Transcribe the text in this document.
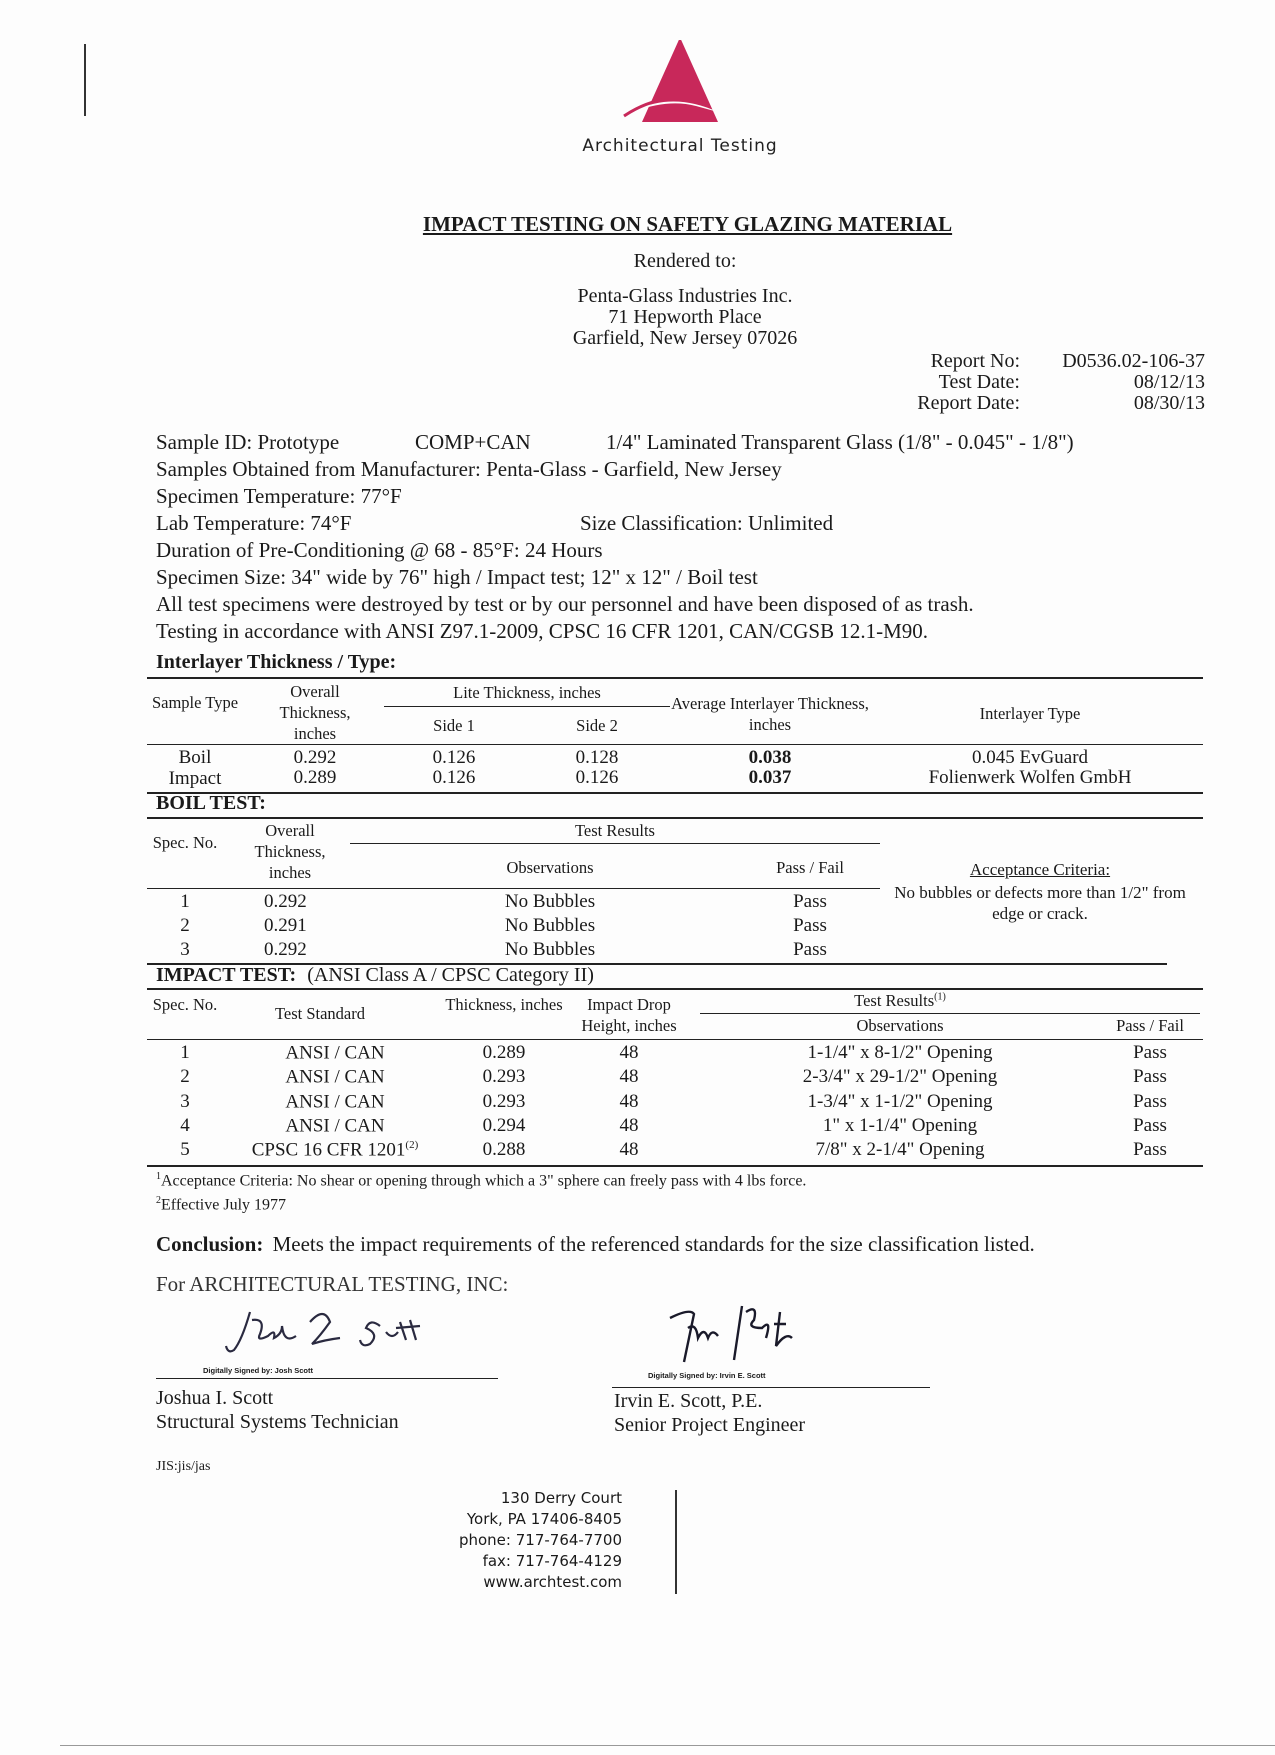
Architectural Testing
IMPACT TESTING ON SAFETY GLAZING MATERIAL
Rendered to:
Penta-Glass Industries Inc.
71 Hepworth Place
Garfield, New Jersey 07026
Report No:	D0536.02-106-37
Test Date:	08/12/13
Report Date:	08/30/13
Sample ID: Prototype	COMP+CAN	1/4" Laminated Transparent Glass (1/8" - 0.045" - 1/8")
Samples Obtained from Manufacturer: Penta-Glass - Garfield, New Jersey
Specimen Temperature: 77°F
Lab Temperature: 74°F	Size Classification: Unlimited
Duration of Pre-Conditioning @ 68 - 85°F: 24 Hours
Specimen Size: 34" wide by 76" high / Impact test; 12" x 12" / Boil test
All test specimens were destroyed by test or by our personnel and have been disposed of as trash.
Testing in accordance with ANSI Z97.1-2009, CPSC 16 CFR 1201, CAN/CGSB 12.1-M90.
Interlayer Thickness / Type:
Sample Type
Overall Thickness, inches
Lite Thickness, inches
Side 1	Side 2
Average Interlayer Thickness, inches
Interlayer Type
Boil	0.292	0.126	0.128	0.038	0.045 EvGuard
Impact	0.289	0.126	0.126	0.037	Folienwerk Wolfen GmbH
BOIL TEST:
Spec. No.
Overall Thickness, inches
Test Results
Observations	Pass / Fail	Acceptance Criteria:
No bubbles or defects more than 1/2" from edge or crack.
1	0.292	No Bubbles	Pass
2	0.291	No Bubbles	Pass
3	0.292	No Bubbles	Pass
IMPACT TEST: (ANSI Class A / CPSC Category II)
Spec. No.	Test Standard	Thickness, inches	Impact Drop Height, inches
Test Results$^{(1)}$
Observations	Pass / Fail
1	ANSI / CAN	0.289	48	1-1/4" x 8-1/2" Opening	Pass
2	ANSI / CAN	0.293	48	2-3/4" x 29-1/2" Opening	Pass
3	ANSI / CAN	0.293	48	1-3/4" x 1-1/2" Opening	Pass
4	ANSI / CAN	0.294	48	1" x 1-1/4" Opening	Pass
5	CPSC 16 CFR 1201$^{(2)}$	0.288	48	7/8" x 2-1/4" Opening	Pass
$^1$Acceptance Criteria: No shear or opening through which a 3" sphere can freely pass with 4 lbs force.
$^2$Effective July 1977
Conclusion: Meets the impact requirements of the referenced standards for the size classification listed.
For ARCHITECTURAL TESTING, INC:
Digitally Signed by: Josh Scott
Joshua I. Scott
Structural Systems Technician
Digitally Signed by: Irvin E. Scott
Irvin E. Scott, P.E.
Senior Project Engineer
JIS:jis/jas
130 Derry Court
York, PA 17406-8405
phone: 717-764-7700
fax: 717-764-4129
www.archtest.com
